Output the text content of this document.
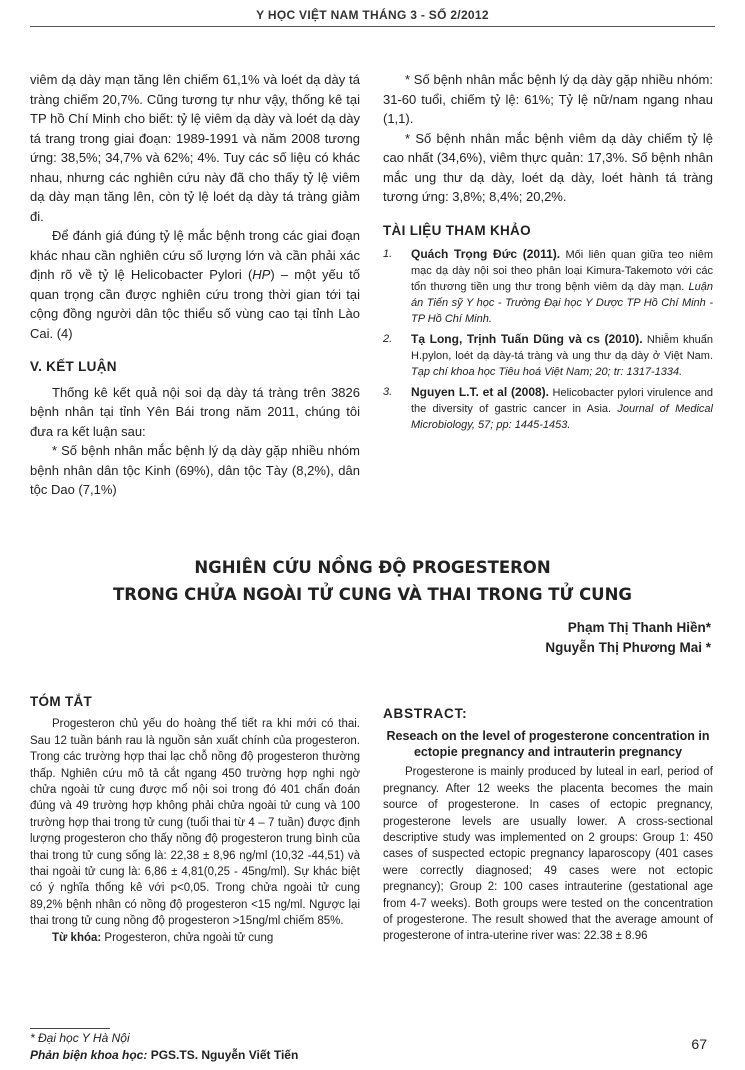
Y HỌC VIỆT NAM THÁNG 3 - SỐ 2/2012

viêm dạ dày mạn tăng lên chiếm 61,1% và loét dạ dày tá tràng chiếm 20,7%. Cũng tương tự như vậy, thống kê tại TP hồ Chí Minh cho biết: tỷ lệ viêm dạ dày và loét dạ dày tá trang trong giai đoạn: 1989-1991 và năm 2008 tương ứng: 38,5%; 34,7% và 62%; 4%. Tuy các số liệu có khác nhau, nhưng các nghiên cứu này đã cho thấy tỷ lệ viêm dạ dày mạn tăng lên, còn tỷ lệ loét dạ dày tá tràng giảm đi.

Để đánh giá đúng tỷ lệ mắc bệnh trong các giai đoạn khác nhau cần nghiên cứu số lượng lớn và cần phải xác định rõ về tỷ lệ Helicobacter Pylori (HP) – một yếu tố quan trọng cần được nghiên cứu trong thời gian tới tại cộng đồng người dân tộc thiểu số vùng cao tại tỉnh Lào Cai. (4)

V. KẾT LUẬN

Thống kê kết quả nội soi dạ dày tá tràng trên 3826 bệnh nhân tại tỉnh Yên Bái trong năm 2011, chúng tôi đưa ra kết luận sau:

* Số bệnh nhân mắc bệnh lý dạ dày gặp nhiều nhóm bệnh nhân dân tộc Kinh (69%), dân tộc Tày (8,2%), dân tộc Dao (7,1%)

* Số bệnh nhân mắc bệnh lý dạ dày gặp nhiều nhóm: 31-60 tuổi, chiếm tỷ lệ: 61%; Tỷ lệ nữ/nam ngang nhau (1,1).

* Số bệnh nhân mắc bệnh viêm dạ dày chiếm tỷ lệ cao nhất (34,6%), viêm thực quản: 17,3%. Số bệnh nhân mắc ung thư dạ dày, loét dạ dày, loét hành tá tràng tương ứng: 3,8%; 8,4%; 20,2%.

TÀI LIỆU THAM KHẢO

1. Quách Trọng Đức (2011). Mối liên quan giữa teo niêm mạc dạ dày nội soi theo phân loại Kimura-Takemoto với các tổn thương tiền ung thư trong bệnh viêm dạ dày mạn. Luận án Tiến sỹ Y học - Trường Đại học Y Dược TP Hồ Chí Minh - TP Hồ Chí Minh.
2. Tạ Long, Trịnh Tuấn Dũng và cs (2010). Nhiễm khuẩn H.pylon, loét dạ dày-tá tràng và ung thư dạ dày ở Việt Nam. Tạp chí khoa học Tiêu hoá Việt Nam; 20; tr: 1317-1334.
3. Nguyen L.T. et al (2008). Helicobacter pylori virulence and the diversity of gastric cancer in Asia. Journal of Medical Microbiology, 57; pp: 1445-1453.
NGHIÊN CỨU NỒNG ĐỘ PROGESTERON
TRONG CHỬA NGOÀI TỬ CUNG VÀ THAI TRONG TỬ CUNG
Phạm Thị Thanh Hiền*
Nguyễn Thị Phương Mai *

TÓM TẮT

Progesteron chủ yếu do hoàng thể tiết ra khi mới có thai. Sau 12 tuần bánh rau là nguồn sản xuất chính của progesteron. Trong các trường hợp thai lạc chỗ nồng độ progesteron thường thấp. Nghiên cứu mô tả cắt ngang 450 trường hợp nghi ngờ chửa ngoài tử cung được mổ nội soi trong đó 401 chẩn đoán đúng và 49 trường hợp không phải chửa ngoài tử cung và 100 trường hợp thai trong tử cung (tuổi thai từ 4 – 7 tuần) được định lượng progesteron cho thấy nồng độ progesteron trung bình của thai trong tử cung sống là: 22,38 ± 8,96 ng/ml (10,32 -44,51) và thai ngoài tử cung là: 6,86 ± 4,81(0,25 - 45ng/ml). Sự khác biệt có ý nghĩa thống kê với p<0,05. Trong chửa ngoài tử cung 89,2% bệnh nhân có nồng độ progesteron <15 ng/ml. Ngược lại thai trong tử cung nồng độ progesteron >15ng/ml chiếm 85%.

Từ khóa: Progesteron, chửa ngoài tử cung

ABSTRACT:

Reseach on the level of progesterone concentration in ectopie pregnancy and intrauterin pregnancy

Progesterone is mainly produced by luteal in earl, period of pregnancy. After 12 weeks the placenta becomes the main source of progesterone. In cases of ectopic pregnancy, progesterone levels are usually lower. A cross-sectional descriptive study was implemented on 2 groups: Group 1: 450 cases of suspected ectopic pregnancy laparoscopy (401 cases were correctly diagnosed; 49 cases were not ectopic pregnancy); Group 2: 100 cases intrauterine (gestational age from 4-7 weeks). Both groups were tested on the concentration of progesterone. The result showed that the average amount of progesterone of intra-uterine river was: 22.38 ± 8.96

* Đại học Y Hà Nội
Phản biện khoa học: PGS.TS. Nguyễn Viết Tiến
67
